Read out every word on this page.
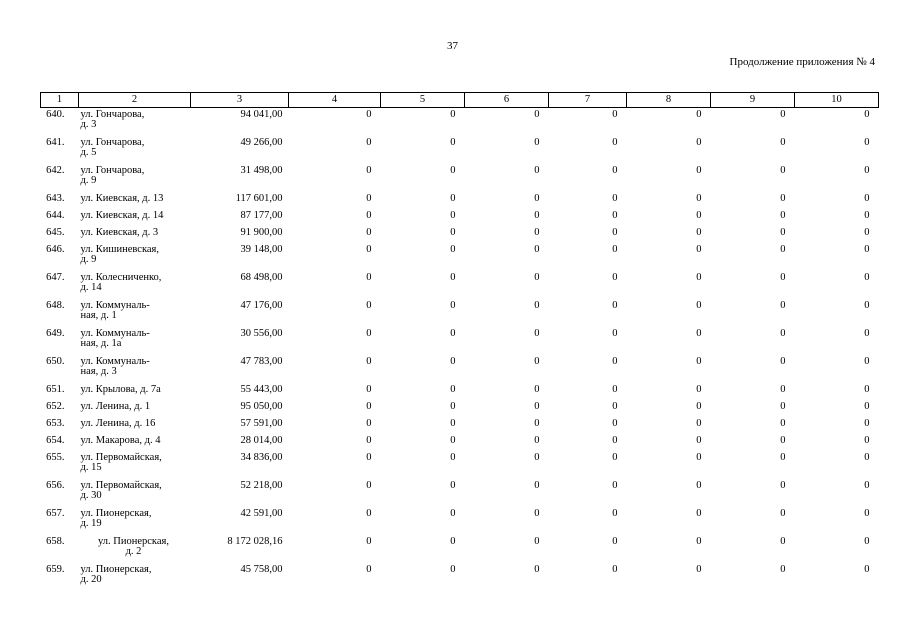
37
Продолжение приложения № 4
1	2	3	4	5	6	7	8	9	10

640.	ул. Гончарова,
д. 3	94 041,00	0	0	0	0	0	0	0

641.	ул. Гончарова,
д. 5	49 266,00	0	0	0	0	0	0	0

642.	ул. Гончарова,
д. 9	31 498,00	0	0	0	0	0	0	0

643.	ул. Киевская, д. 13	117 601,00	0	0	0	0	0	0	0

644.	ул. Киевская, д. 14	87 177,00	0	0	0	0	0	0	0

645.	ул. Киевская, д. 3	91 900,00	0	0	0	0	0	0	0

646.	ул. Кишиневская,
д. 9	39 148,00	0	0	0	0	0	0	0

647.	ул. Колесниченко,
д. 14	68 498,00	0	0	0	0	0	0	0

648.	ул. Коммуналь-
ная, д. 1	47 176,00	0	0	0	0	0	0	0

649.	ул. Коммуналь-
ная, д. 1а	30 556,00	0	0	0	0	0	0	0

650.	ул. Коммуналь-
ная, д. 3	47 783,00	0	0	0	0	0	0	0

651.	ул. Крылова, д. 7а	55 443,00	0	0	0	0	0	0	0

652.	ул. Ленина, д. 1	95 050,00	0	0	0	0	0	0	0

653.	ул. Ленина, д. 16	57 591,00	0	0	0	0	0	0	0

654.	ул. Макарова, д. 4	28 014,00	0	0	0	0	0	0	0

655.	ул. Первомайская,
д. 15	34 836,00	0	0	0	0	0	0	0

656.	ул. Первомайская,
д. 30	52 218,00	0	0	0	0	0	0	0

657.	ул. Пионерская,
д. 19	42 591,00	0	0	0	0	0	0	0

658.	ул. Пионерская,
д. 2	8 172 028,16	0	0	0	0	0	0	0

659.	ул. Пионерская,
д. 20	45 758,00	0	0	0	0	0	0	0
